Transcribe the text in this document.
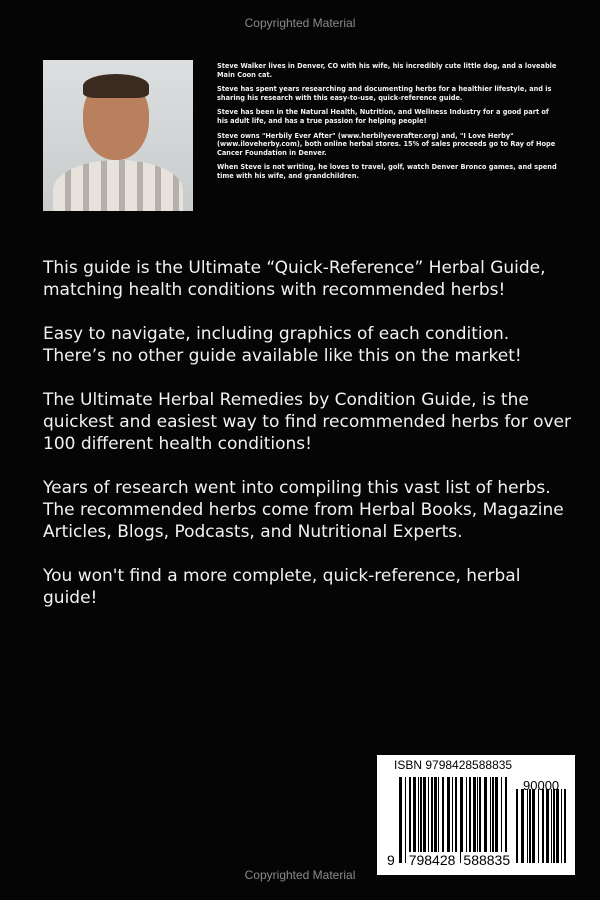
Copyrighted Material

Steve Walker lives in Denver, CO with his wife, his incredibly cute little dog, and a loveable Main Coon cat.

Steve has spent years researching and documenting herbs for a healthier lifestyle, and is sharing his research with this easy-to-use, quick-reference guide.

Steve has been in the Natural Health, Nutrition, and Wellness Industry for a good part of his adult life, and has a true passion for helping people!

Steve owns "Herbily Ever After" (www.herbilyeverafter.org) and, "I Love Herby" (www.iloveherby.com), both online herbal stores. 15% of sales proceeds go to Ray of Hope Cancer Foundation in Denver.

When Steve is not writing, he loves to travel, golf, watch Denver Bronco games, and spend time with his wife, and grandchildren.

This guide is the Ultimate “Quick-Reference” Herbal Guide, matching health conditions with recommended herbs!

Easy to navigate, including graphics of each condition. There’s no other guide available like this on the market!

The Ultimate Herbal Remedies by Condition Guide, is the quickest and easiest way to find recommended herbs for over 100 different health conditions!

Years of research went into compiling this vast list of herbs. The recommended herbs come from Herbal Books, Magazine Articles, Blogs, Podcasts, and Nutritional Experts.

You won't find a more complete, quick-reference, herbal guide!

ISBN 9798428588835
90000
9 798428 588835
Copyrighted Material
